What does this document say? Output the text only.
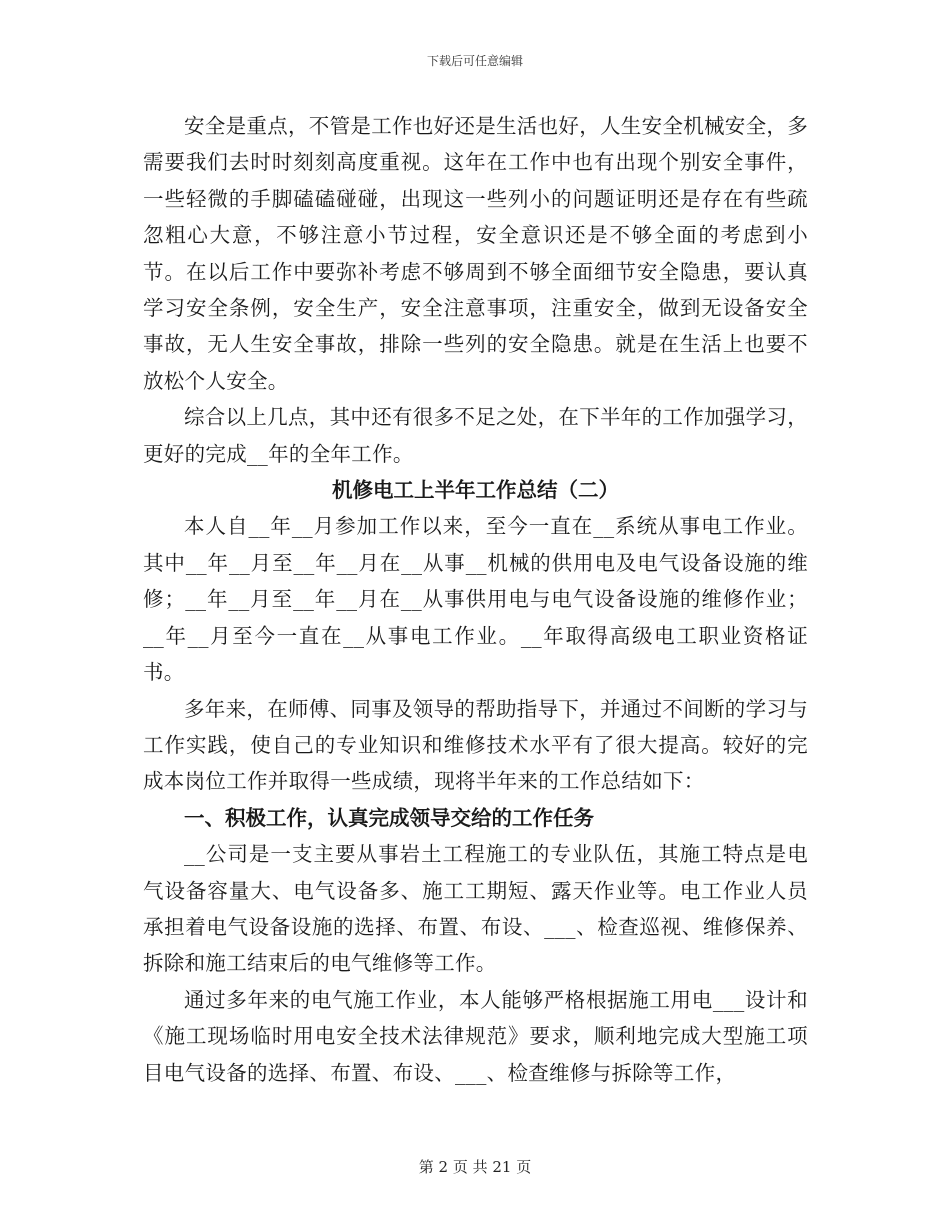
下载后可任意编辑

安全是重点，不管是工作也好还是生活也好，人生安全机械安全，多需要我们去时时刻刻高度重视。这年在工作中也有出现个别安全事件，一些轻微的手脚磕磕碰碰，出现这一些列小的问题证明还是存在有些疏忽粗心大意，不够注意小节过程，安全意识还是不够全面的考虑到小节。在以后工作中要弥补考虑不够周到不够全面细节安全隐患，要认真学习安全条例，安全生产，安全注意事项，注重安全，做到无设备安全事故，无人生安全事故，排除一些列的安全隐患。就是在生活上也要不放松个人安全。

综合以上几点，其中还有很多不足之处，在下半年的工作加强学习，更好的完成__年的全年工作。

机修电工上半年工作总结（二）

本人自__年__月参加工作以来，至今一直在__系统从事电工作业。其中__年__月至__年__月在__从事__机械的供用电及电气设备设施的维修；__年__月至__年__月在__从事供用电与电气设备设施的维修作业；__年__月至今一直在__从事电工作业。__年取得高级电工职业资格证书。

多年来，在师傅、同事及领导的帮助指导下，并通过不间断的学习与工作实践，使自己的专业知识和维修技术水平有了很大提高。较好的完成本岗位工作并取得一些成绩，现将半年来的工作总结如下：

一、积极工作，认真完成领导交给的工作任务

__公司是一支主要从事岩土工程施工的专业队伍，其施工特点是电气设备容量大、电气设备多、施工工期短、露天作业等。电工作业人员承担着电气设备设施的选择、布置、布设、___、检查巡视、维修保养、拆除和施工结束后的电气维修等工作。

通过多年来的电气施工作业，本人能够严格根据施工用电___设计和《施工现场临时用电安全技术法律规范》要求，顺利地完成大型施工项目电气设备的选择、布置、布设、___、检查维修与拆除等工作，

第 2 页 共 21 页
